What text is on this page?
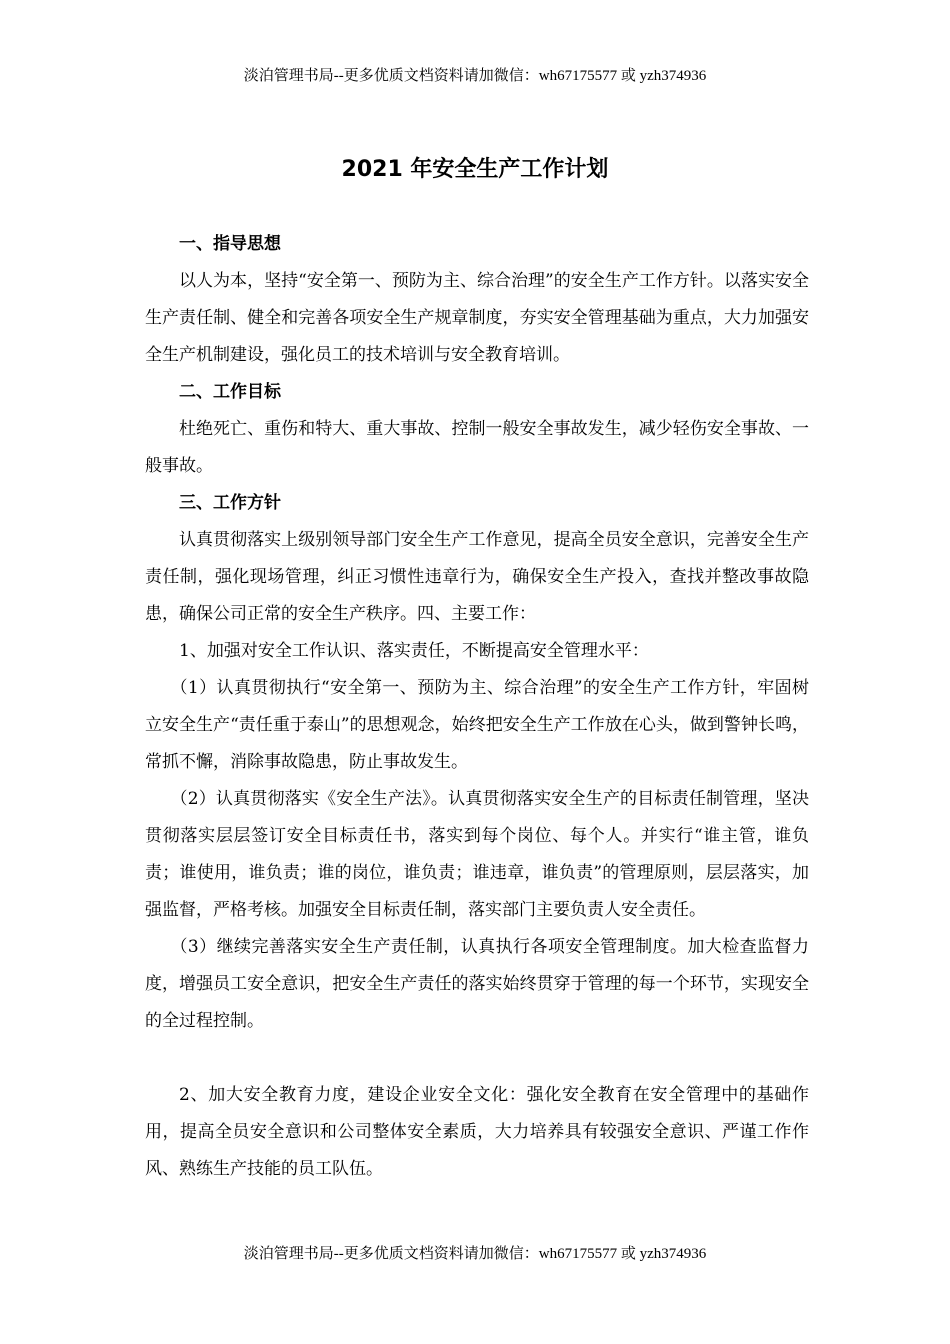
淡泊管理书局--更多优质文档资料请加微信：wh67175577 或 yzh374936
2021 年安全生产工作计划
一、指导思想

以人为本，坚持“安全第一、预防为主、综合治理”的安全生产工作方针。以落实安全生产责任制、健全和完善各项安全生产规章制度，夯实安全管理基础为重点，大力加强安全生产机制建设，强化员工的技术培训与安全教育培训。

二、工作目标

杜绝死亡、重伤和特大、重大事故、控制一般安全事故发生，减少轻伤安全事故、一般事故。

三、工作方针

认真贯彻落实上级别领导部门安全生产工作意见，提高全员安全意识，完善安全生产责任制，强化现场管理，纠正习惯性违章行为，确保安全生产投入，查找并整改事故隐患，确保公司正常的安全生产秩序。四、主要工作：

1、加强对安全工作认识、落实责任，不断提高安全管理水平：

（1）认真贯彻执行“安全第一、预防为主、综合治理”的安全生产工作方针，牢固树立安全生产“责任重于泰山”的思想观念，始终把安全生产工作放在心头，做到警钟长鸣，常抓不懈，消除事故隐患，防止事故发生。

（2）认真贯彻落实《安全生产法》。认真贯彻落实安全生产的目标责任制管理，坚决贯彻落实层层签订安全目标责任书，落实到每个岗位、每个人。并实行“谁主管，谁负责；谁使用，谁负责；谁的岗位，谁负责；谁违章，谁负责”的管理原则，层层落实，加强监督，严格考核。加强安全目标责任制，落实部门主要负责人安全责任。

（3）继续完善落实安全生产责任制，认真执行各项安全管理制度。加大检查监督力度，增强员工安全意识，把安全生产责任的落实始终贯穿于管理的每一个环节，实现安全的全过程控制。

2、加大安全教育力度，建设企业安全文化：强化安全教育在安全管理中的基础作用，提高全员安全意识和公司整体安全素质，大力培养具有较强安全意识、严谨工作作风、熟练生产技能的员工队伍。

淡泊管理书局--更多优质文档资料请加微信：wh67175577 或 yzh374936
